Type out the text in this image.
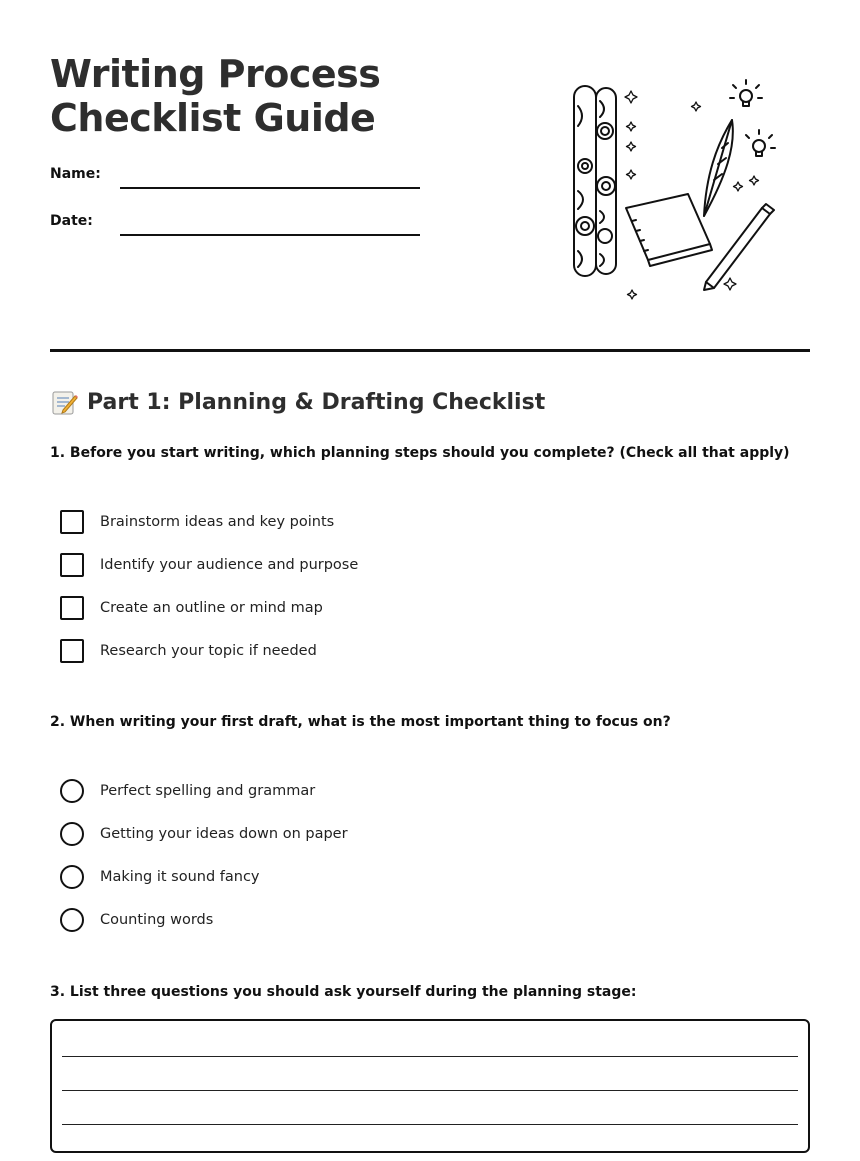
Writing Process
Checklist Guide
Name:
Date:
Part 1: Planning & Drafting Checklist

1. Before you start writing, which planning steps should you complete? (Check all that apply)

Brainstorm ideas and key points
Identify your audience and purpose
Create an outline or mind map
Research your topic if needed

2. When writing your first draft, what is the most important thing to focus on?

Perfect spelling and grammar
Getting your ideas down on paper
Making it sound fancy
Counting words

3. List three questions you should ask yourself during the planning stage:
